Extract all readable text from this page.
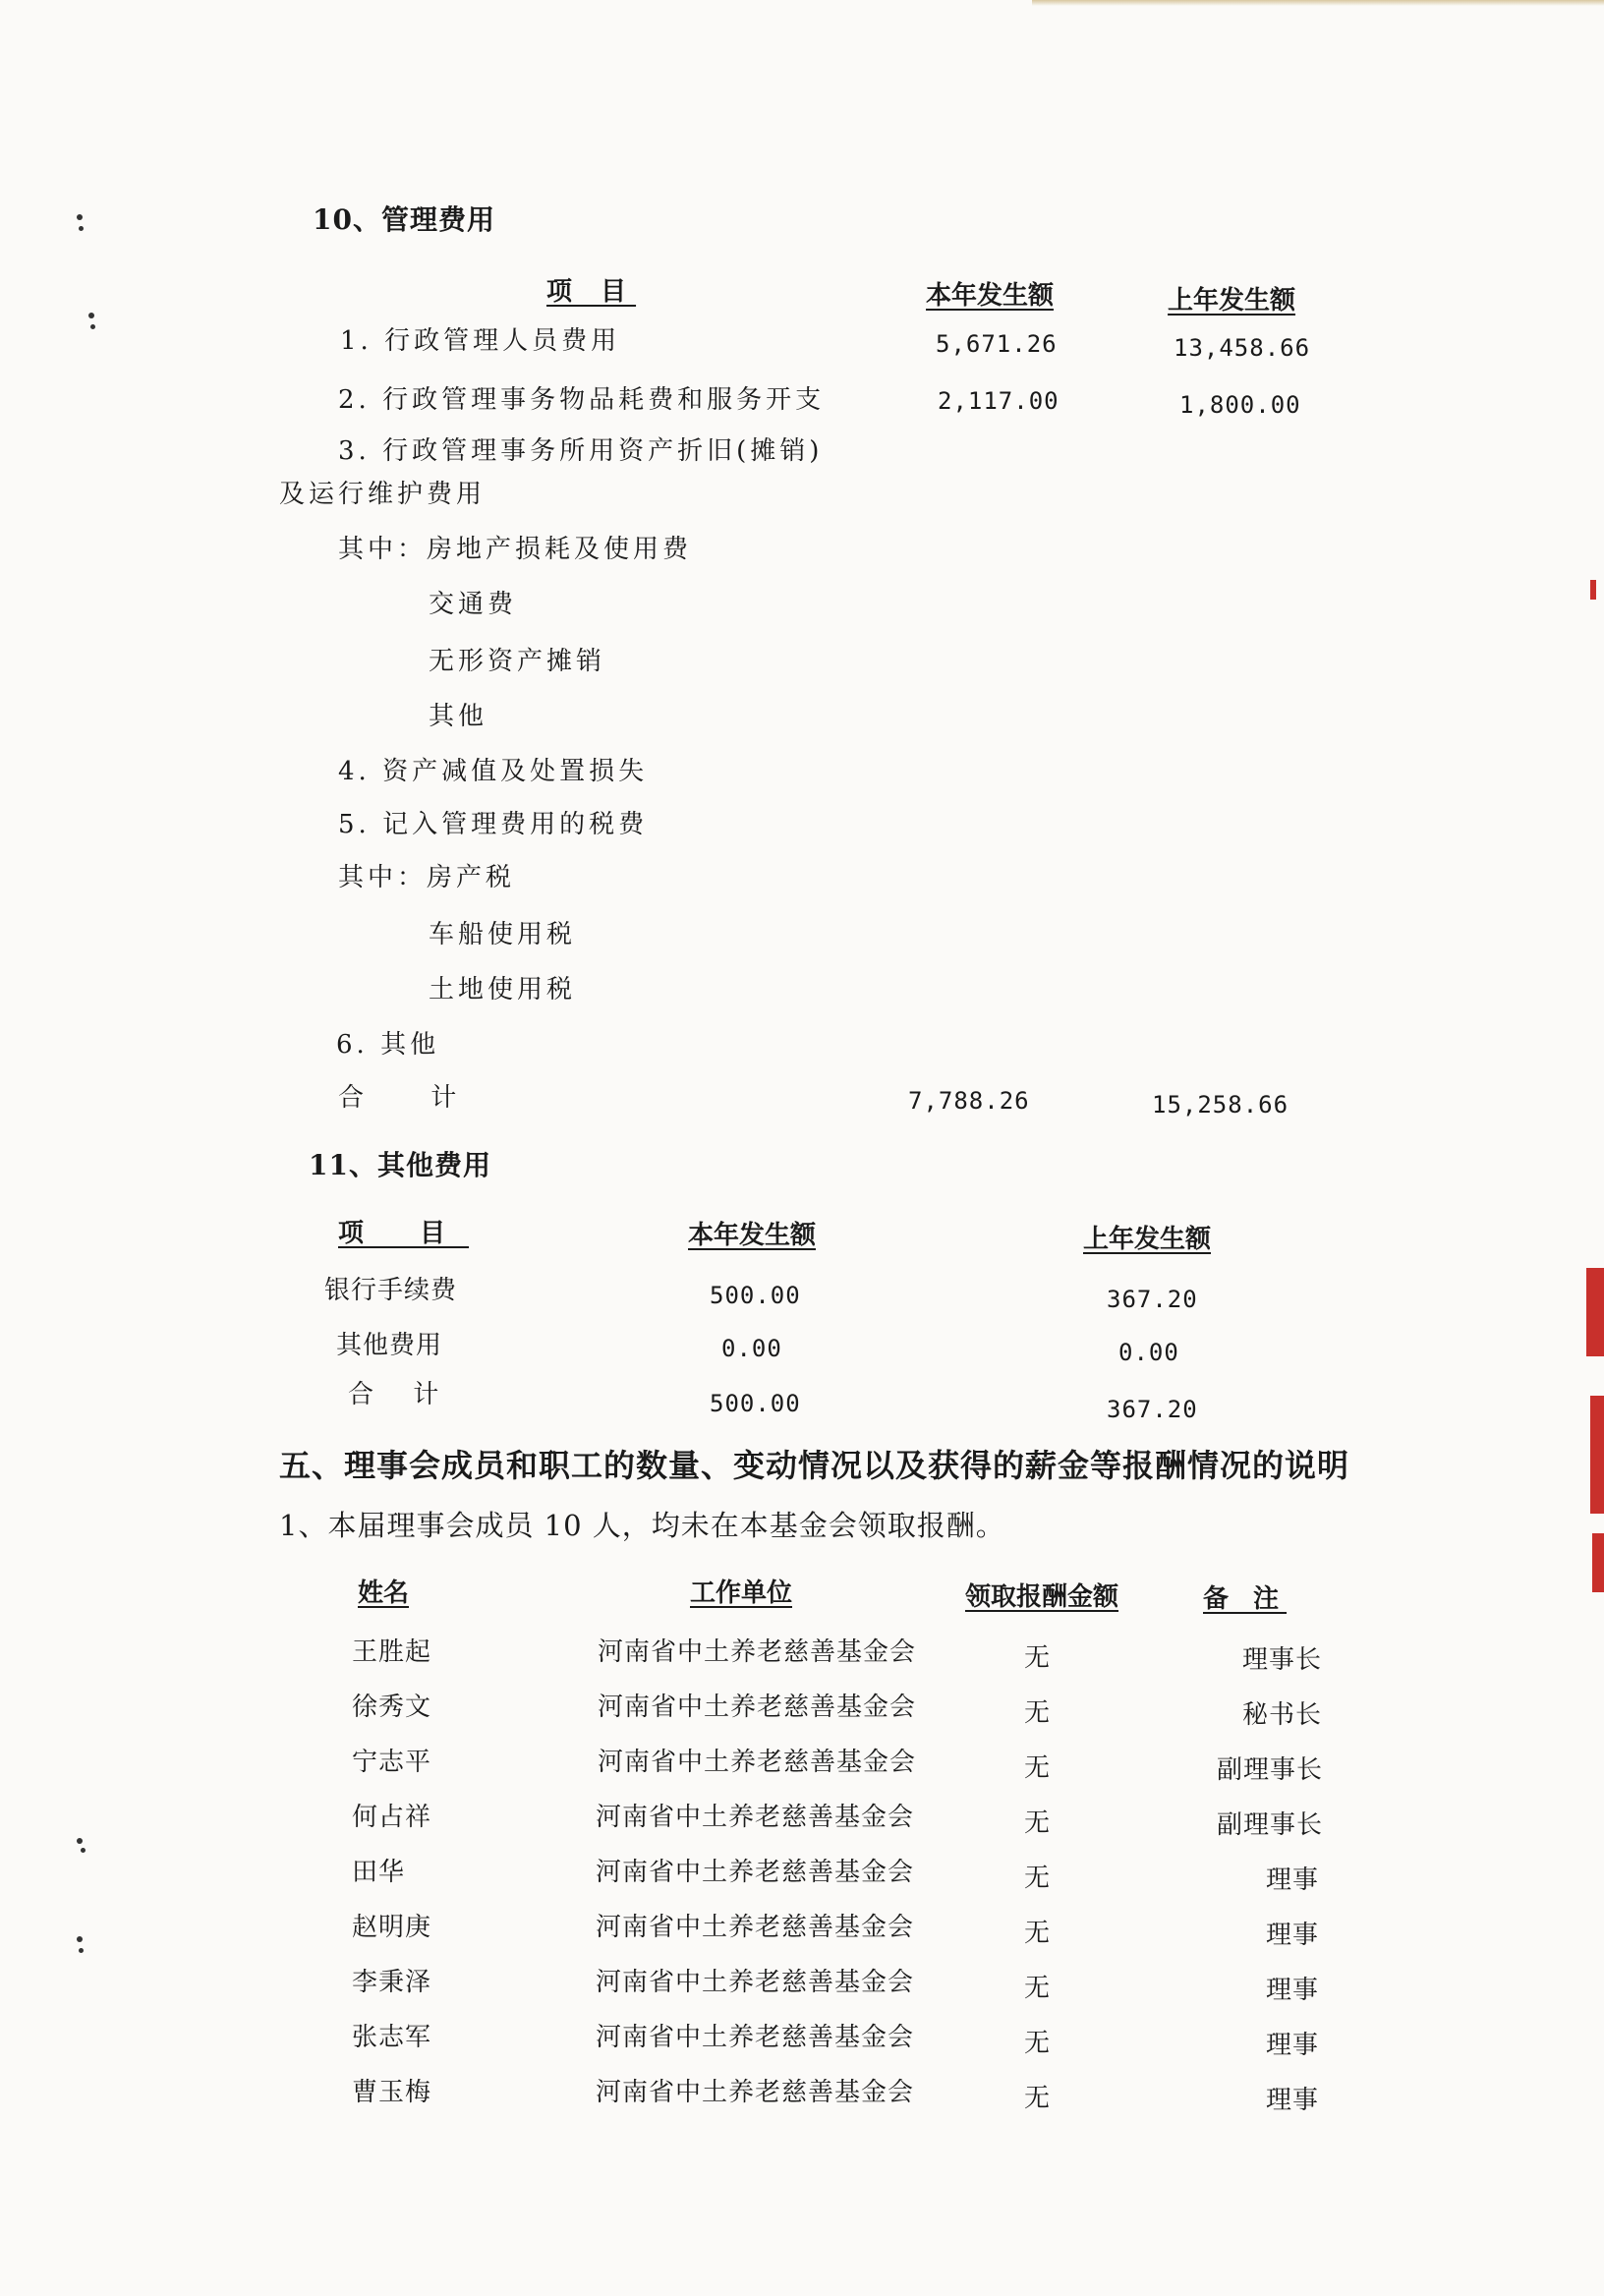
10、管理费用
项 目	本年发生额	上年发生额
1. 行政管理人员费用	5,671.26	13,458.66
2. 行政管理事务物品耗费和服务开支	2,117.00	1,800.00
3. 行政管理事务所用资产折旧(摊销)
及运行维护费用
其中：房地产损耗及使用费
交通费
无形资产摊销
其他
4. 资产减值及处置损失
5. 记入管理费用的税费
其中：房产税
车船使用税
土地使用税
6. 其他
合 计	7,788.26	15,258.66
11、其他费用
项 目	本年发生额	上年发生额
银行手续费	500.00	367.20
其他费用	0.00	0.00
合 计	500.00	367.20
五、理事会成员和职工的数量、变动情况以及获得的薪金等报酬情况的说明
1、本届理事会成员 10 人，均未在本基金会领取报酬。
姓名	工作单位	领取报酬金额	备 注
王胜起	河南省中土养老慈善基金会	无	理事长
徐秀文	河南省中土养老慈善基金会	无	秘书长
宁志平	河南省中土养老慈善基金会	无	副理事长
何占祥	河南省中土养老慈善基金会	无	副理事长
田华	河南省中土养老慈善基金会	无	理事
赵明庚	河南省中土养老慈善基金会	无	理事
李秉泽	河南省中土养老慈善基金会	无	理事
张志军	河南省中土养老慈善基金会	无	理事
曹玉梅	河南省中土养老慈善基金会	无	理事
